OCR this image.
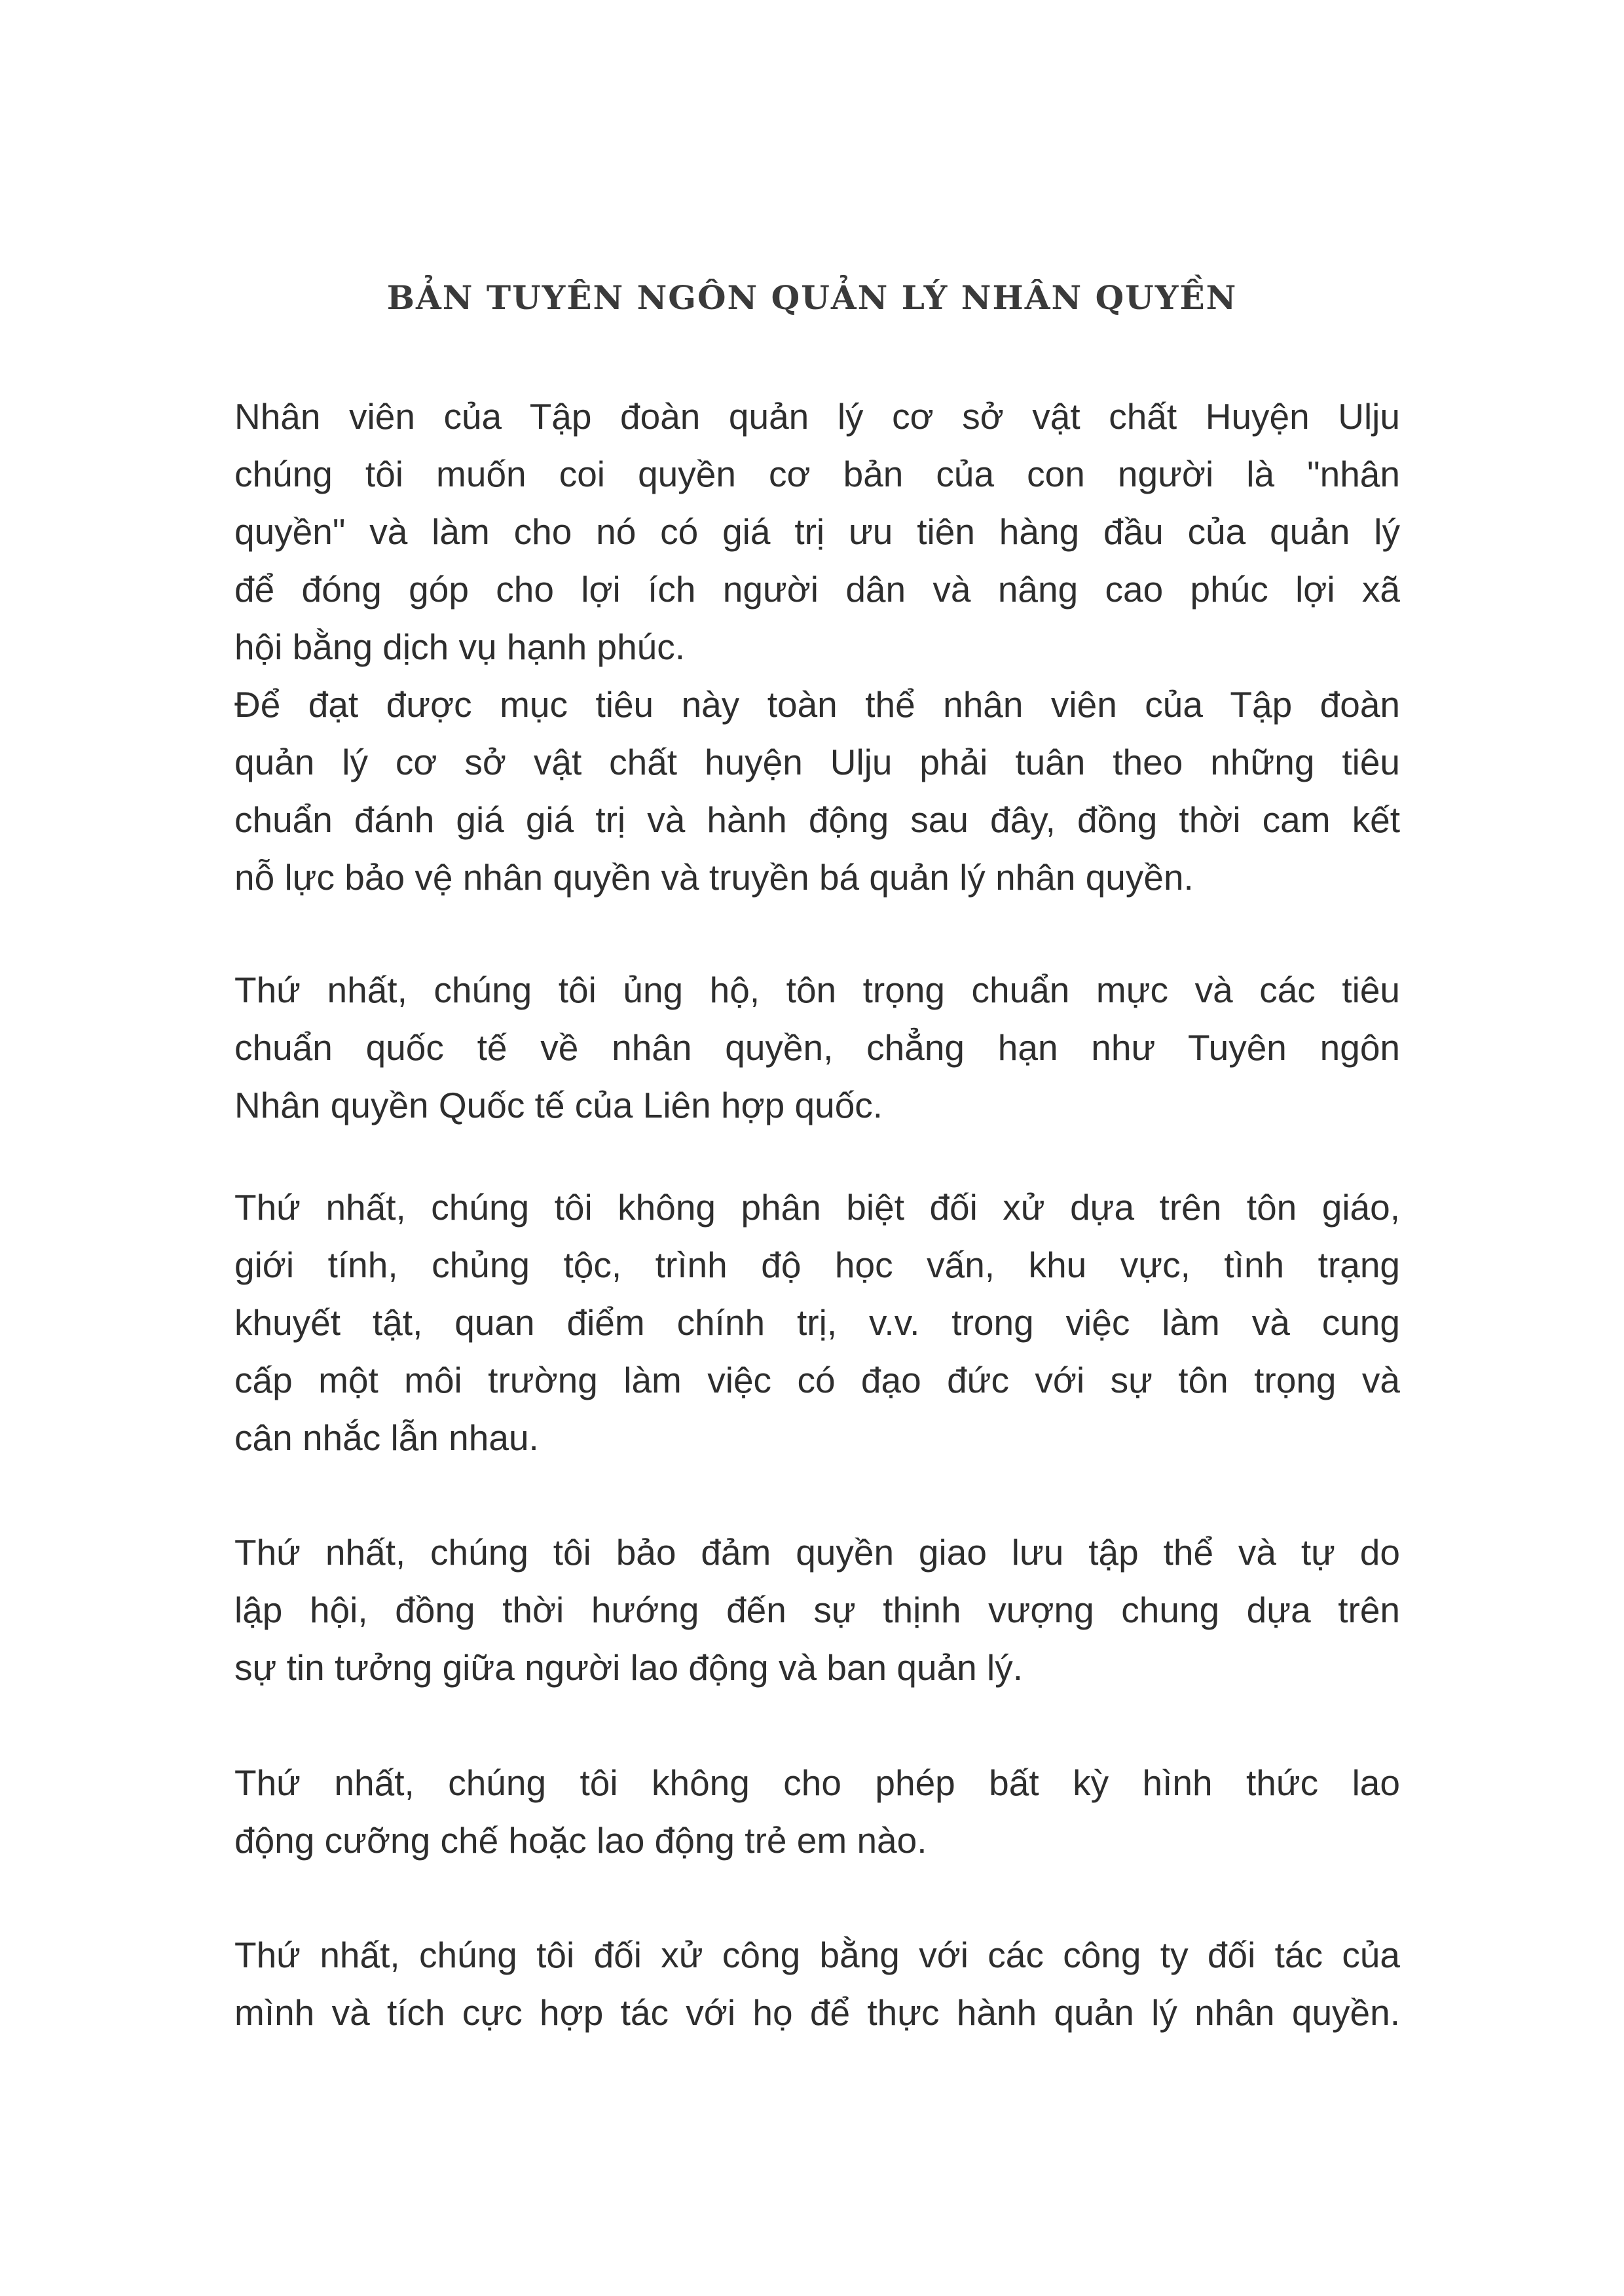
BẢN TUYÊN NGÔN QUẢN LÝ NHÂN QUYỀN
Nhân viên của Tập đoàn quản lý cơ sở vật chất Huyện Ulju
chúng tôi muốn coi quyền cơ bản của con người là "nhân
quyền" và làm cho nó có giá trị ưu tiên hàng đầu của quản lý
để đóng góp cho lợi ích người dân và nâng cao phúc lợi xã
hội bằng dịch vụ hạnh phúc.
Để đạt được mục tiêu này toàn thể nhân viên của Tập đoàn
quản lý cơ sở vật chất huyện Ulju phải tuân theo những tiêu
chuẩn đánh giá giá trị và hành động sau đây, đồng thời cam kết
nỗ lực bảo vệ nhân quyền và truyền bá quản lý nhân quyền.
Thứ nhất, chúng tôi ủng hộ, tôn trọng chuẩn mực và các tiêu
chuẩn quốc tế về nhân quyền, chẳng hạn như Tuyên ngôn
Nhân quyền Quốc tế của Liên hợp quốc.
Thứ nhất, chúng tôi không phân biệt đối xử dựa trên tôn giáo,
giới tính, chủng tộc, trình độ học vấn, khu vực, tình trạng
khuyết tật, quan điểm chính trị, v.v. trong việc làm và cung
cấp một môi trường làm việc có đạo đức với sự tôn trọng và
cân nhắc lẫn nhau.
Thứ nhất, chúng tôi bảo đảm quyền giao lưu tập thể và tự do
lập hội, đồng thời hướng đến sự thịnh vượng chung dựa trên
sự tin tưởng giữa người lao động và ban quản lý.
Thứ nhất, chúng tôi không cho phép bất kỳ hình thức lao
động cưỡng chế hoặc lao động trẻ em nào.
Thứ nhất, chúng tôi đối xử công bằng với các công ty đối tác của
mình và tích cực hợp tác với họ để thực hành quản lý nhân quyền.
